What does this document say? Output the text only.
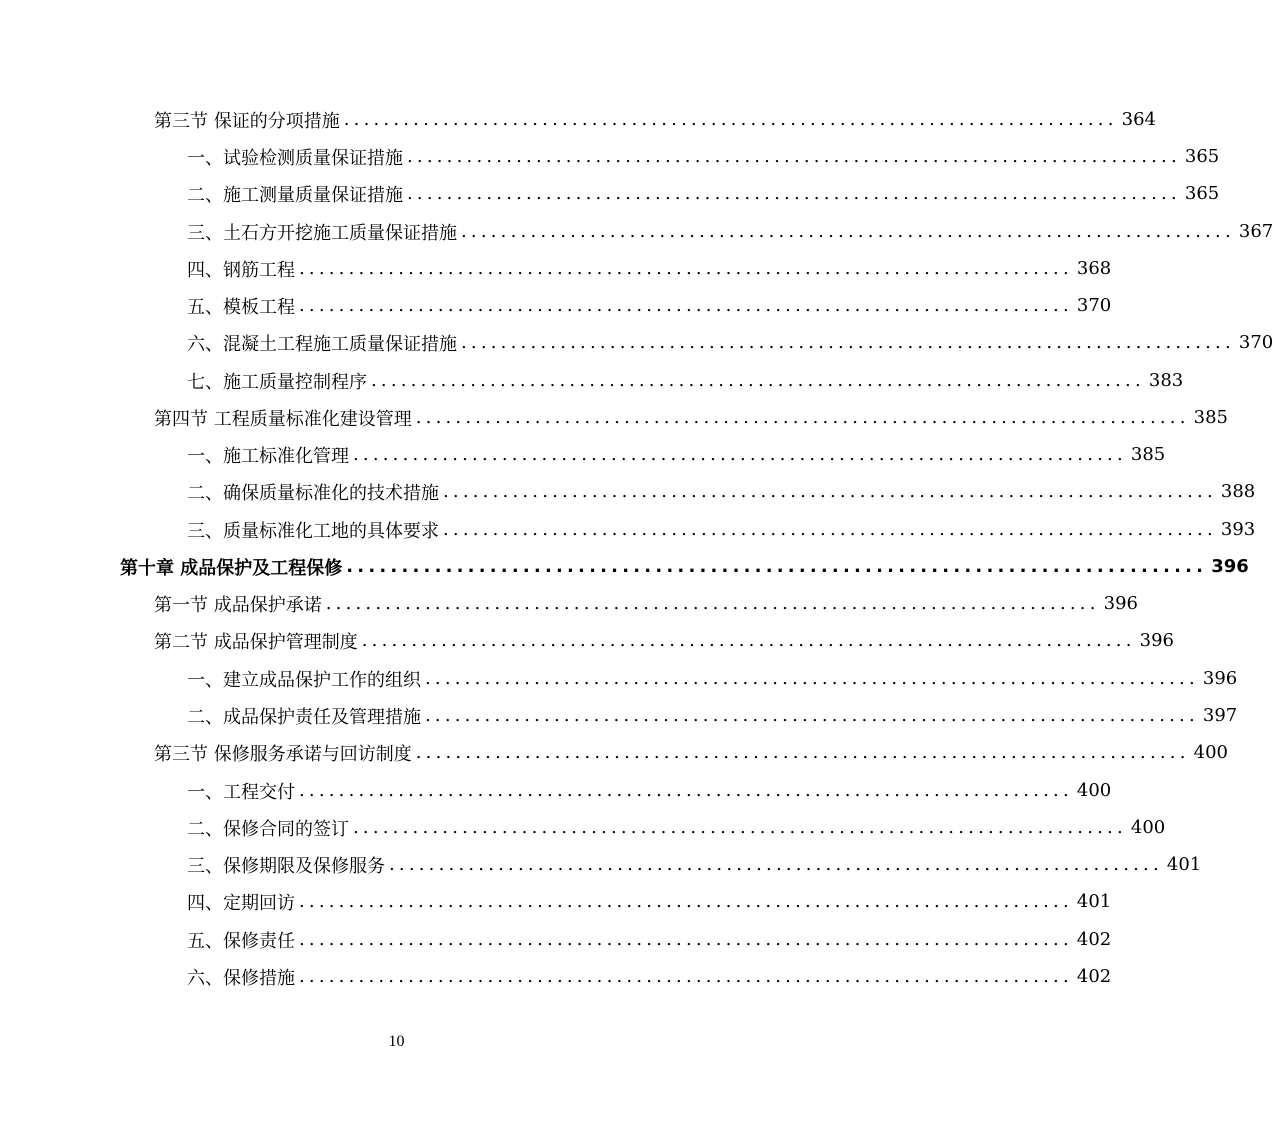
第三节 保证的分项措施 .............................................................................. 364
一、试验检测质量保证措施 .............................................................................. 365
二、施工测量质量保证措施 .............................................................................. 365
三、土石方开挖施工质量保证措施 .............................................................................. 367
四、钢筋工程 .............................................................................. 368
五、模板工程 .............................................................................. 370
六、混凝土工程施工质量保证措施 .............................................................................. 370
七、施工质量控制程序 .............................................................................. 383
第四节 工程质量标准化建设管理 .............................................................................. 385
一、施工标准化管理 .............................................................................. 385
二、确保质量标准化的技术措施 .............................................................................. 388
三、质量标准化工地的具体要求 .............................................................................. 393
第十章 成品保护及工程保修 .............................................................................. 396
第一节 成品保护承诺 .............................................................................. 396
第二节 成品保护管理制度 .............................................................................. 396
一、建立成品保护工作的组织 .............................................................................. 396
二、成品保护责任及管理措施 .............................................................................. 397
第三节 保修服务承诺与回访制度 .............................................................................. 400
一、工程交付 .............................................................................. 400
二、保修合同的签订 .............................................................................. 400
三、保修期限及保修服务 .............................................................................. 401
四、定期回访 .............................................................................. 401
五、保修责任 .............................................................................. 402
六、保修措施 .............................................................................. 402
10
